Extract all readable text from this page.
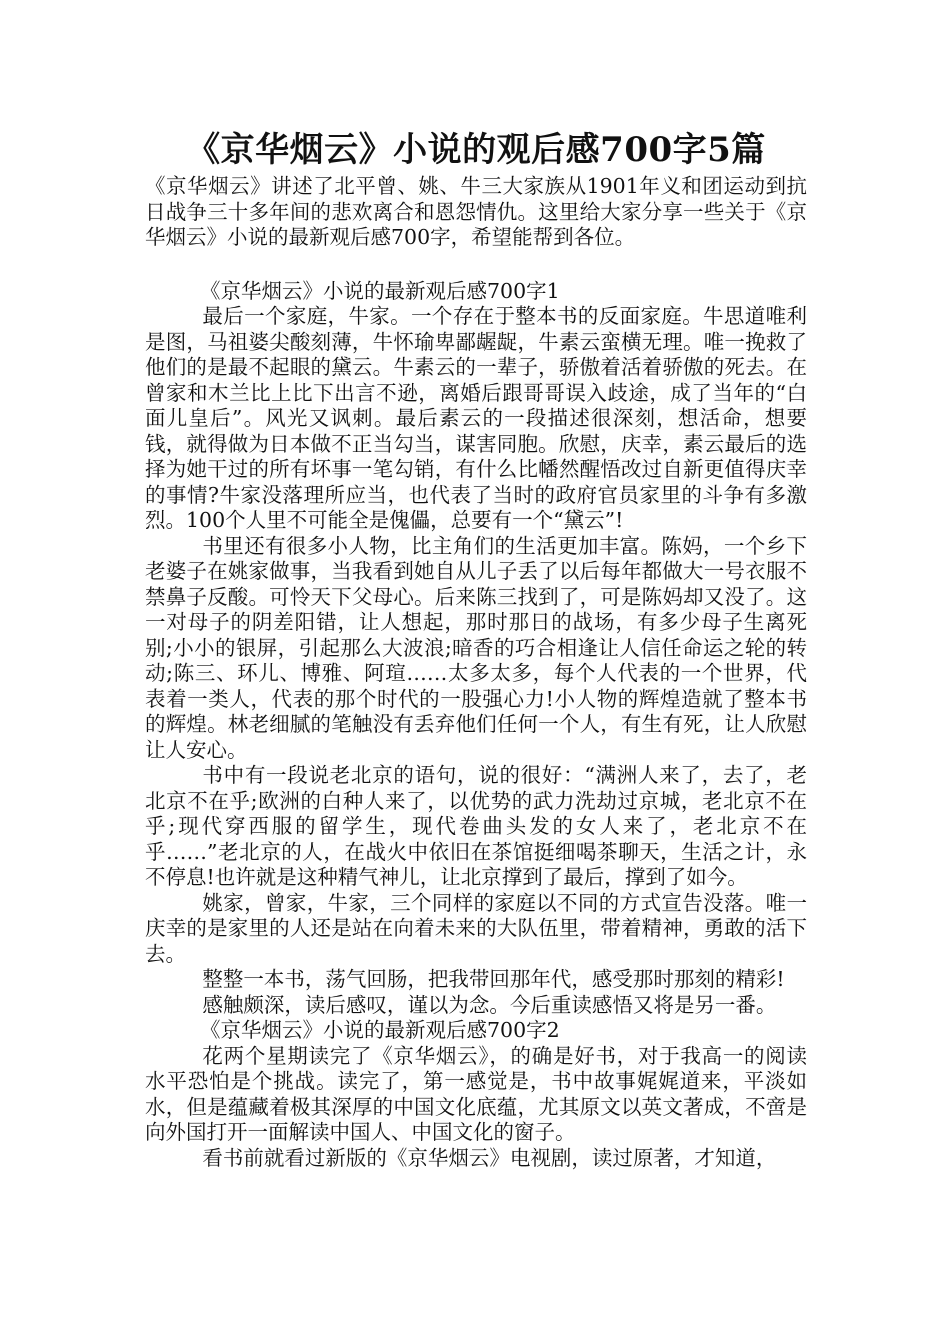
《京华烟云》小说的观后感700字5篇

《京华烟云》讲述了北平曾、姚、牛三大家族从1901年义和团运动到抗日战争三十多年间的悲欢离合和恩怨情仇。这里给大家分享一些关于《京华烟云》小说的最新观后感700字，希望能帮到各位。

《京华烟云》小说的最新观后感700字1

最后一个家庭，牛家。一个存在于整本书的反面家庭。牛思道唯利是图，马祖婆尖酸刻薄，牛怀瑜卑鄙龌龊，牛素云蛮横无理。唯一挽救了他们的是最不起眼的黛云。牛素云的一辈子，骄傲着活着骄傲的死去。在曾家和木兰比上比下出言不逊，离婚后跟哥哥误入歧途，成了当年的“白面儿皇后”。风光又讽刺。最后素云的一段描述很深刻，想活命，想要钱，就得做为日本做不正当勾当，谋害同胞。欣慰，庆幸，素云最后的选择为她干过的所有坏事一笔勾销，有什么比幡然醒悟改过自新更值得庆幸的事情?牛家没落理所应当，也代表了当时的政府官员家里的斗争有多激烈。100个人里不可能全是傀儡，总要有一个“黛云”!

书里还有很多小人物，比主角们的生活更加丰富。陈妈，一个乡下老婆子在姚家做事，当我看到她自从儿子丢了以后每年都做大一号衣服不禁鼻子反酸。可怜天下父母心。后来陈三找到了，可是陈妈却又没了。这一对母子的阴差阳错，让人想起，那时那日的战场，有多少母子生离死别;小小的银屏，引起那么大波浪;暗香的巧合相逢让人信任命运之轮的转动;陈三、环儿、博雅、阿瑄……太多太多，每个人代表的一个世界，代表着一类人，代表的那个时代的一股强心力!小人物的辉煌造就了整本书的辉煌。林老细腻的笔触没有丢弃他们任何一个人，有生有死，让人欣慰让人安心。

书中有一段说老北京的语句，说的很好：“满洲人来了，去了，老北京不在乎;欧洲的白种人来了，以优势的武力洗劫过京城，老北京不在乎;现代穿西服的留学生，现代卷曲头发的女人来了，老北京不在乎……”老北京的人，在战火中依旧在茶馆挺细喝茶聊天，生活之计，永不停息!也许就是这种精气神儿，让北京撑到了最后，撑到了如今。

姚家，曾家，牛家，三个同样的家庭以不同的方式宣告没落。唯一庆幸的是家里的人还是站在向着未来的大队伍里，带着精神，勇敢的活下去。

整整一本书，荡气回肠，把我带回那年代，感受那时那刻的精彩!

感触颇深，读后感叹，谨以为念。今后重读感悟又将是另一番。

《京华烟云》小说的最新观后感700字2

花两个星期读完了《京华烟云》，的确是好书，对于我高一的阅读水平恐怕是个挑战。读完了，第一感觉是，书中故事娓娓道来，平淡如水，但是蕴藏着极其深厚的中国文化底蕴，尤其原文以英文著成，不啻是向外国打开一面解读中国人、中国文化的窗子。

看书前就看过新版的《京华烟云》电视剧，读过原著，才知道，
